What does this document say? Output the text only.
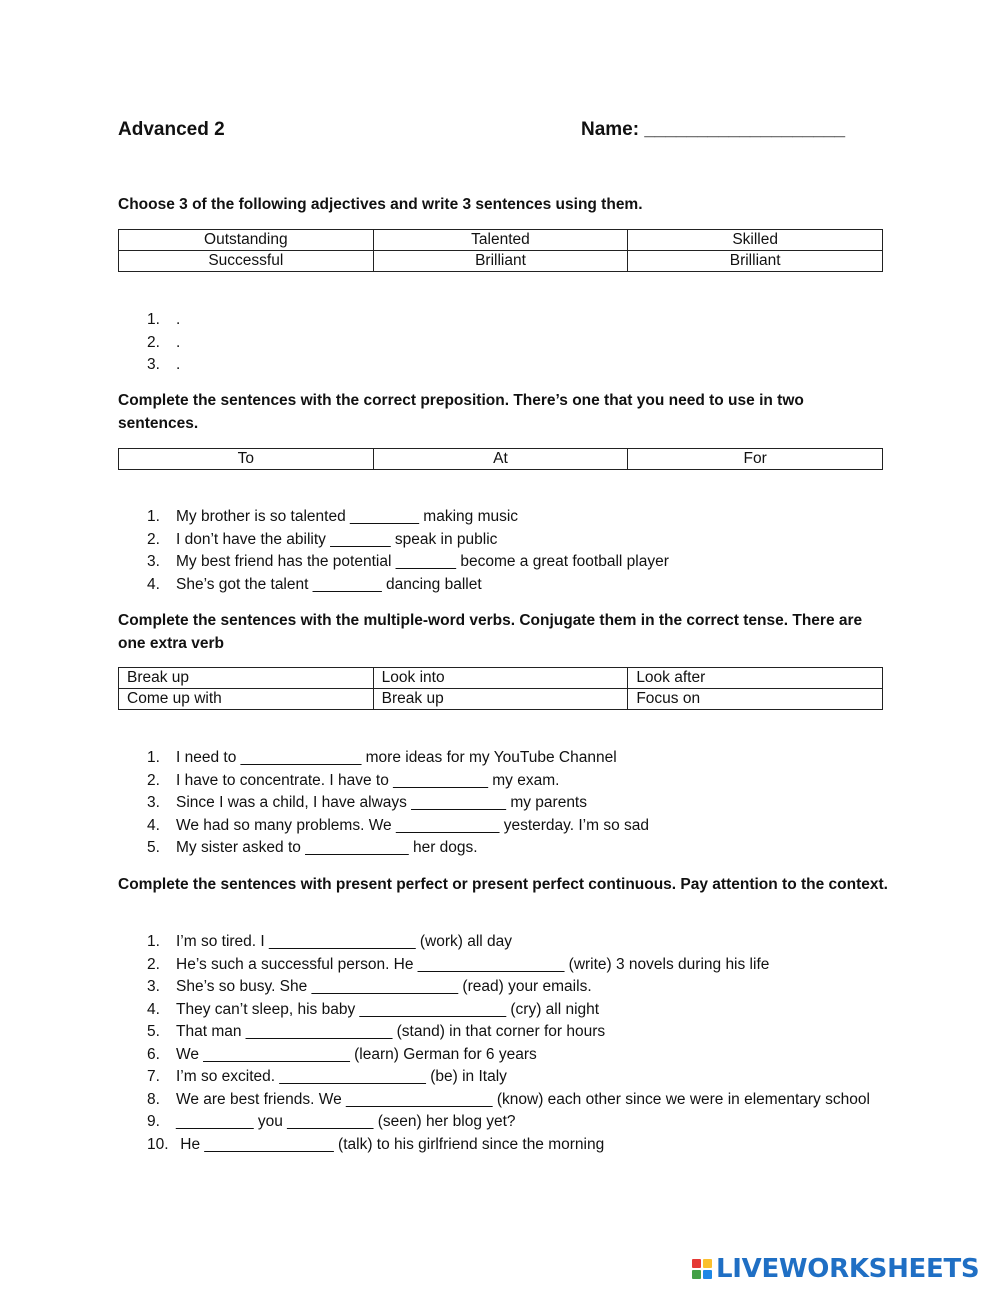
Advanced 2	Name: ___________________
Choose 3 of the following adjectives and write 3 sentences using them.
Outstanding	Talented	Skilled
Successful	Brilliant	Brilliant
1.	.
2.	.
3.	.
Complete the sentences with the correct preposition. There’s one that you need to use in two sentences.
To	At	For
1.	My brother is so talented ________ making music
2.	I don’t have the ability _______ speak in public
3.	My best friend has the potential _______ become a great football player
4.	She’s got the talent ________ dancing ballet
Complete the sentences with the multiple-word verbs. Conjugate them in the correct tense. There are one extra verb
Break up	Look into	Look after
Come up with	Break up	Focus on
1.	I need to ______________ more ideas for my YouTube Channel
2.	I have to concentrate. I have to ___________ my exam.
3.	Since I was a child, I have always ___________ my parents
4.	We had so many problems. We ____________ yesterday. I’m so sad
5.	My sister asked to ____________ her dogs.
Complete the sentences with present perfect or present perfect continuous. Pay attention to the context.
1.	I’m so tired. I _________________ (work) all day
2.	He’s such a successful person. He _________________ (write) 3 novels during his life
3.	She’s so busy. She _________________ (read) your emails.
4.	They can’t sleep, his baby _________________ (cry) all night
5.	That man _________________ (stand) in that corner for hours
6.	We _________________ (learn) German for 6 years
7.	I’m so excited. _________________ (be) in Italy
8.	We are best friends. We _________________ (know) each other since we were in elementary school
9.	_________ you __________ (seen) her blog yet?
10. He _______________ (talk) to his girlfriend since the morning
LIVEWORKSHEETS
